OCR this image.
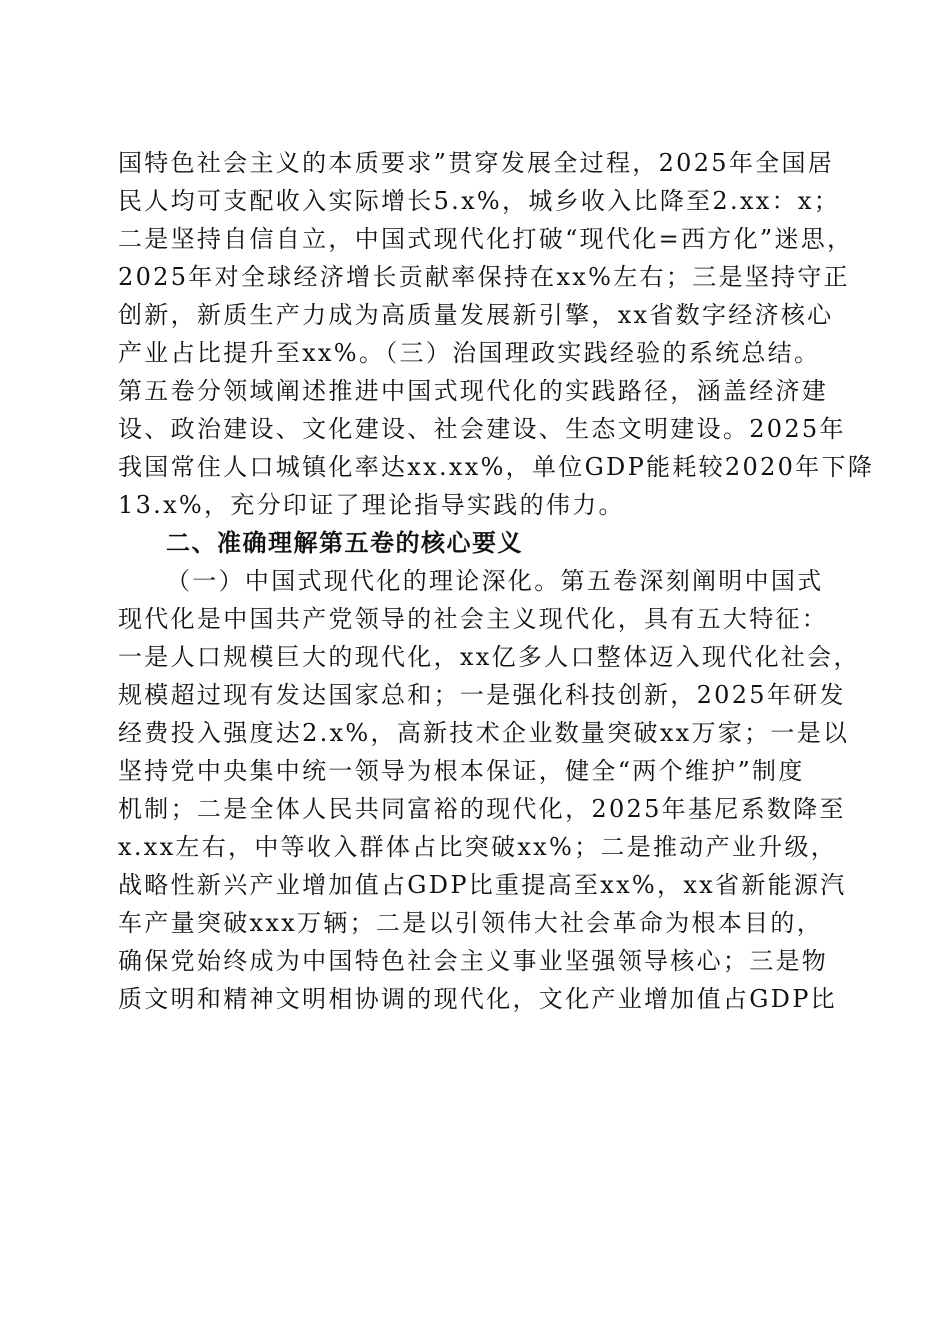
国特色社会主义的本质要求”贯穿发展全过程，2025年全国居
民人均可支配收入实际增长5.x%，城乡收入比降至2.xx：x；
二是坚持自信自立，中国式现代化打破“现代化=西方化”迷思，
2025年对全球经济增长贡献率保持在xx%左右；三是坚持守正
创新，新质生产力成为高质量发展新引擎，xx省数字经济核心
产业占比提升至xx%。（三）治国理政实践经验的系统总结。
第五卷分领域阐述推进中国式现代化的实践路径，涵盖经济建
设、政治建设、文化建设、社会建设、生态文明建设。2025年
我国常住人口城镇化率达xx.xx%，单位GDP能耗较2020年下降
13.x%，充分印证了理论指导实践的伟力。
二、准确理解第五卷的核心要义
（一）中国式现代化的理论深化。第五卷深刻阐明中国式
现代化是中国共产党领导的社会主义现代化，具有五大特征：
一是人口规模巨大的现代化，xx亿多人口整体迈入现代化社会，
规模超过现有发达国家总和；一是强化科技创新，2025年研发
经费投入强度达2.x%，高新技术企业数量突破xx万家；一是以
坚持党中央集中统一领导为根本保证，健全“两个维护”制度
机制；二是全体人民共同富裕的现代化，2025年基尼系数降至
x.xx左右，中等收入群体占比突破xx%；二是推动产业升级，
战略性新兴产业增加值占GDP比重提高至xx%，xx省新能源汽
车产量突破xxx万辆；二是以引领伟大社会革命为根本目的，
确保党始终成为中国特色社会主义事业坚强领导核心；三是物
质文明和精神文明相协调的现代化，文化产业增加值占GDP比
